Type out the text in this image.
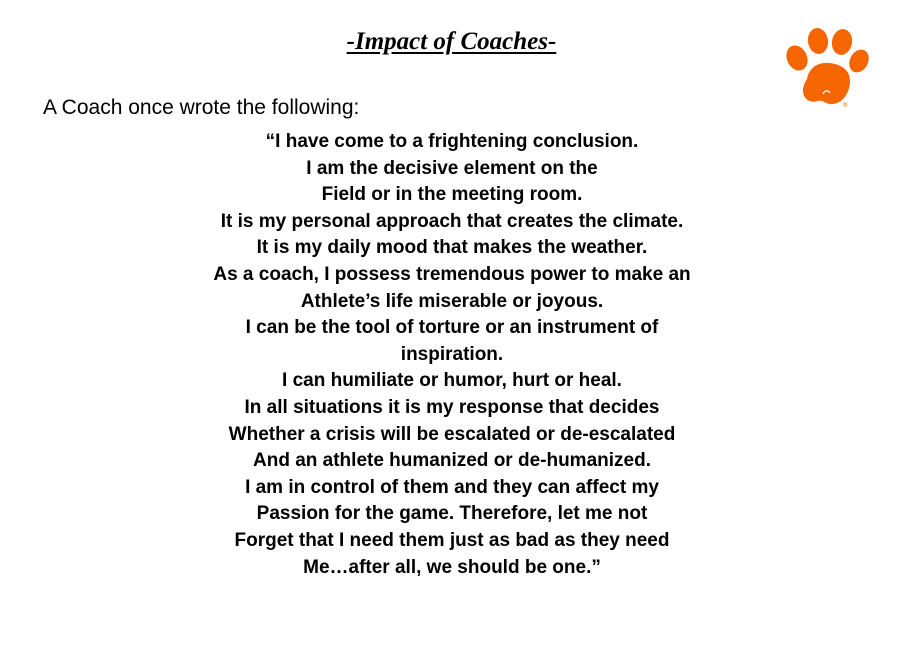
-Impact of Coaches-
®
A Coach once wrote the following:
“I have come to a frightening conclusion.
I am the decisive element on the
Field or in the meeting room.
It is my personal approach that creates the climate.
It is my daily mood that makes the weather.
As a coach, I possess tremendous power to make an
Athlete’s life miserable or joyous.
I can be the tool of torture or an instrument of
inspiration.
I can humiliate or humor, hurt or heal.
In all situations it is my response that decides
Whether a crisis will be escalated or de-escalated
And an athlete humanized or de-humanized.
I am in control of them and they can affect my
Passion for the game. Therefore, let me not
Forget that I need them just as bad as they need
Me…after all, we should be one.”
